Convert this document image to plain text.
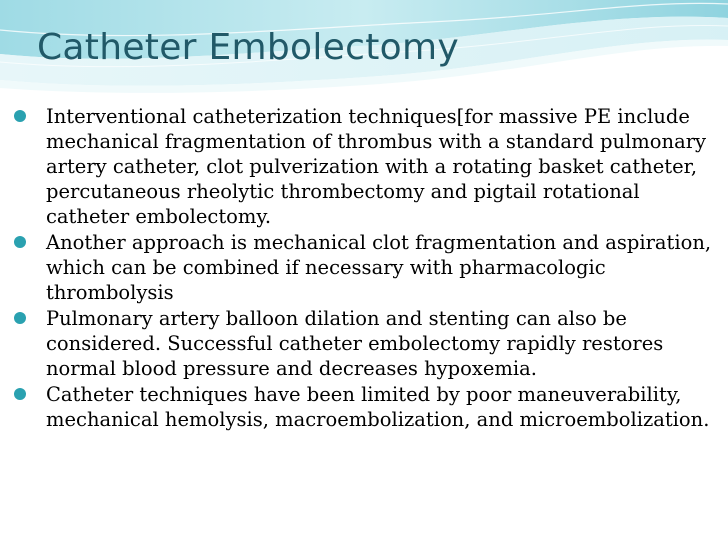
Catheter Embolectomy
Interventional catheterization techniques[for massive PE include mechanical fragmentation of thrombus with a standard pulmonary artery catheter, clot pulverization with a rotating basket catheter, percutaneous rheolytic thrombectomy and pigtail rotational catheter embolectomy.
Another approach is mechanical clot fragmentation and aspiration, which can be combined if necessary with pharmacologic thrombolysis
Pulmonary artery balloon dilation and stenting can also be considered. Successful catheter embolectomy rapidly restores normal blood pressure and decreases hypoxemia.
Catheter techniques have been limited by poor maneuverability, mechanical hemolysis, macroembolization, and microembolization.
